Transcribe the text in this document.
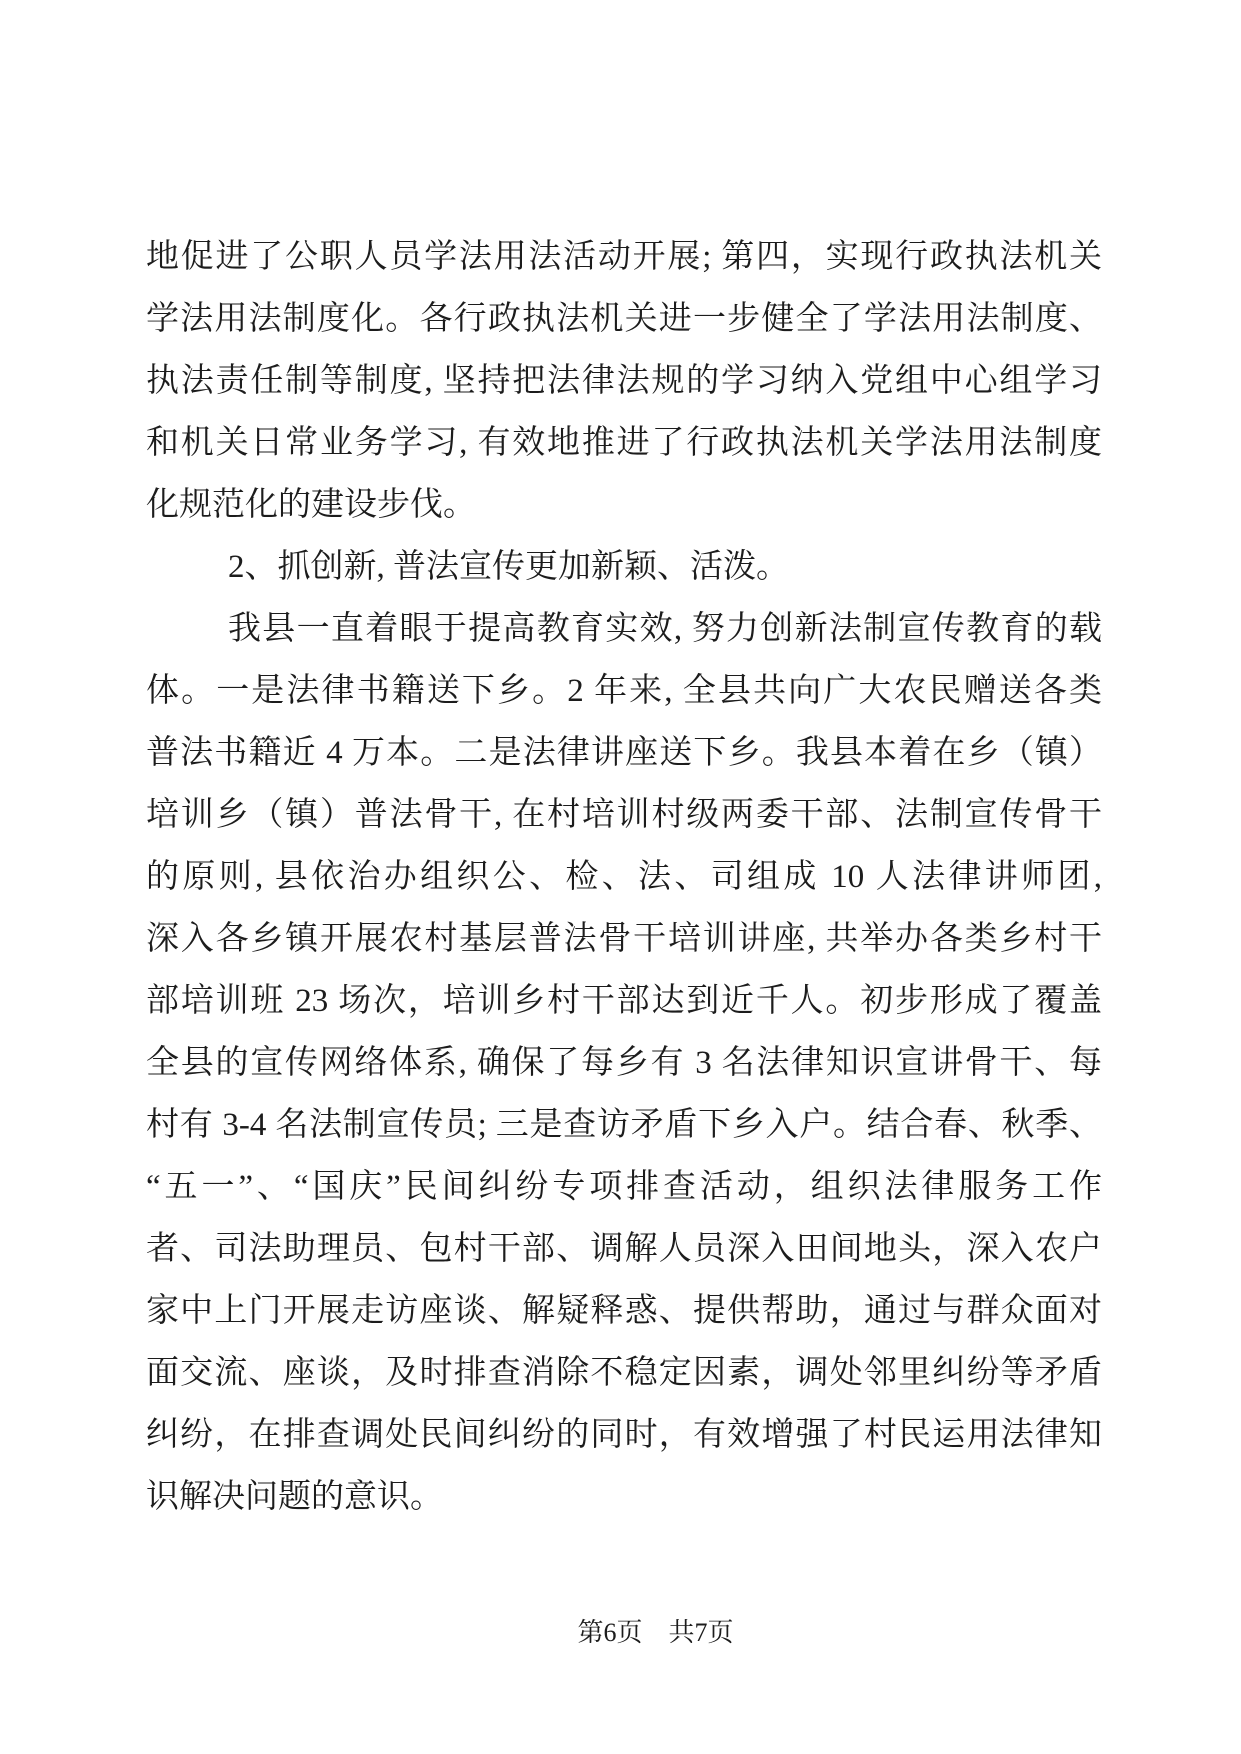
地促进了公职人员学法用法活动开展; 第四，实现行政执法机关

学法用法制度化。各行政执法机关进一步健全了学法用法制度、

执法责任制等制度, 坚持把法律法规的学习纳入党组中心组学习

和机关日常业务学习, 有效地推进了行政执法机关学法用法制度

化规范化的建设步伐。

2、抓创新, 普法宣传更加新颖、活泼。

我县一直着眼于提高教育实效, 努力创新法制宣传教育的载

体。一是法律书籍送下乡。2 年来, 全县共向广大农民赠送各类

普法书籍近 4 万本。二是法律讲座送下乡。我县本着在乡（镇）

培训乡（镇）普法骨干, 在村培训村级两委干部、法制宣传骨干

的原则, 县依治办组织公、检、法、司组成 10 人法律讲师团,

深入各乡镇开展农村基层普法骨干培训讲座, 共举办各类乡村干

部培训班 23 场次，培训乡村干部达到近千人。初步形成了覆盖

全县的宣传网络体系, 确保了每乡有 3 名法律知识宣讲骨干、每

村有 3-4 名法制宣传员; 三是查访矛盾下乡入户。结合春、秋季、

“五一”、“国庆”民间纠纷专项排查活动，组织法律服务工作

者、司法助理员、包村干部、调解人员深入田间地头，深入农户

家中上门开展走访座谈、解疑释惑、提供帮助，通过与群众面对

面交流、座谈，及时排查消除不稳定因素，调处邻里纠纷等矛盾

纠纷，在排查调处民间纠纷的同时，有效增强了村民运用法律知

识解决问题的意识。

第6页　共7页
